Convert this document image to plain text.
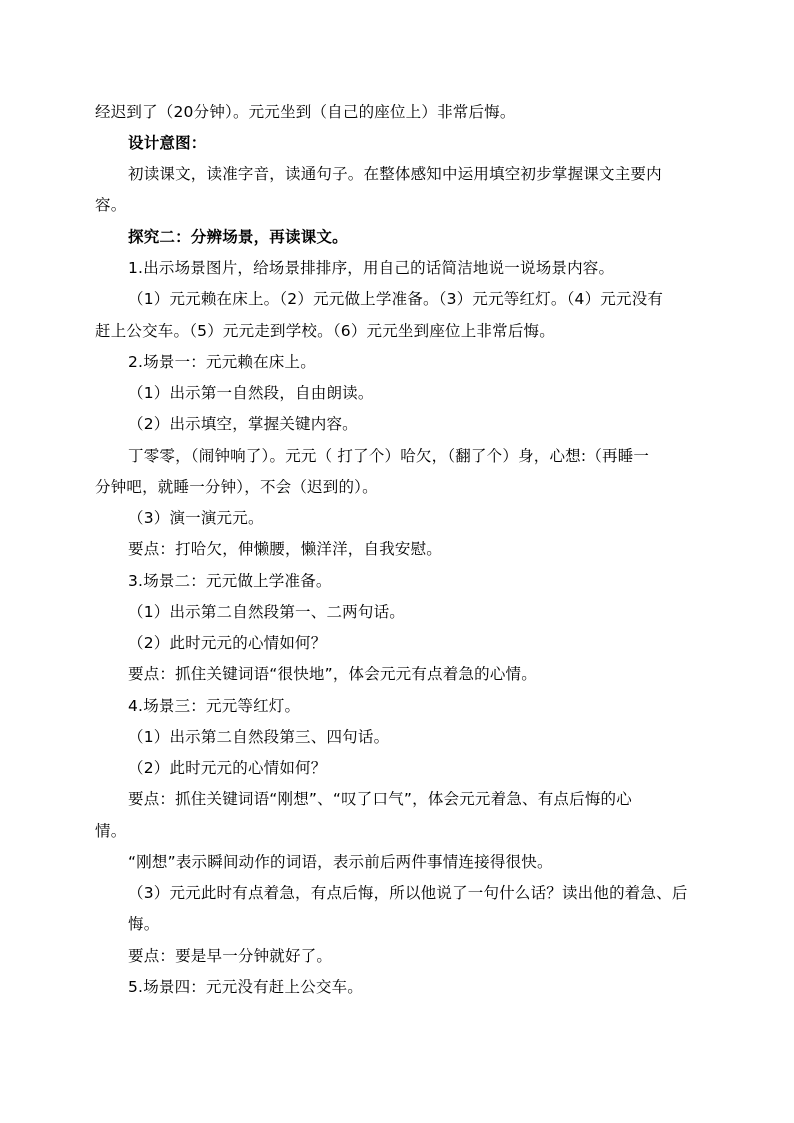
经迟到了（20分钟）。元元坐到（自己的座位上）非常后悔。
设计意图：
初读课文，读准字音，读通句子。在整体感知中运用填空初步掌握课文主要内
容。
探究二：分辨场景，再读课文。
1.出示场景图片，给场景排排序，用自己的话简洁地说一说场景内容。
（1）元元赖在床上。（2）元元做上学准备。（3）元元等红灯。（4）元元没有
赶上公交车。（5）元元走到学校。（6）元元坐到座位上非常后悔。
2.场景一：元元赖在床上。
（1）出示第一自然段，自由朗读。
（2）出示填空，掌握关键内容。
丁零零，（闹钟响了）。元元（ 打了个）哈欠，（翻了个）身，心想:（再睡一
分钟吧，就睡一分钟），不会（迟到的）。
（3）演一演元元。
要点：打哈欠，伸懒腰，懒洋洋，自我安慰。
3.场景二：元元做上学准备。
（1）出示第二自然段第一、二两句话。
（2）此时元元的心情如何？
要点：抓住关键词语“很快地”，体会元元有点着急的心情。
4.场景三：元元等红灯。
（1）出示第二自然段第三、四句话。
（2）此时元元的心情如何？
要点：抓住关键词语“刚想”、“叹了口气”，体会元元着急、有点后悔的心
情。
“刚想”表示瞬间动作的词语，表示前后两件事情连接得很快。
（3）元元此时有点着急，有点后悔，所以他说了一句什么话？读出他的着急、后
悔。
要点：要是早一分钟就好了。
5.场景四：元元没有赶上公交车。
